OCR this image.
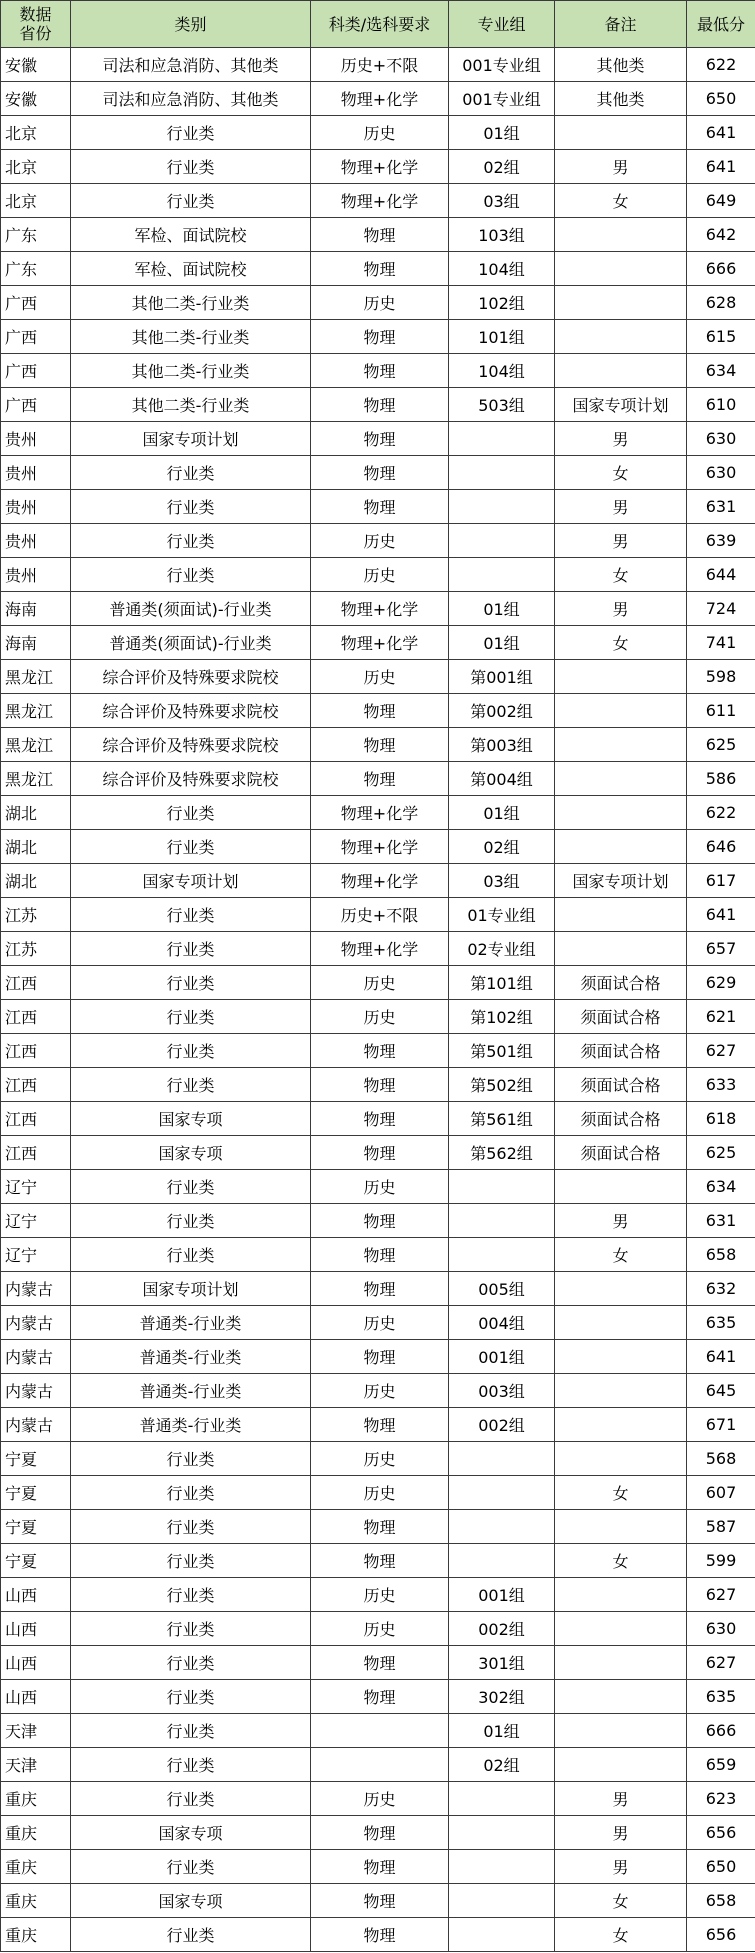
数据
省份	类别	科类/选科要求	专业组	备注	最低分
安徽	司法和应急消防、其他类	历史+不限	001专业组	其他类	622
安徽	司法和应急消防、其他类	物理+化学	001专业组	其他类	650
北京	行业类	历史	01组		641
北京	行业类	物理+化学	02组	男	641
北京	行业类	物理+化学	03组	女	649
广东	军检、面试院校	物理	103组		642
广东	军检、面试院校	物理	104组		666
广西	其他二类-行业类	历史	102组		628
广西	其他二类-行业类	物理	101组		615
广西	其他二类-行业类	物理	104组		634
广西	其他二类-行业类	物理	503组	国家专项计划	610
贵州	国家专项计划	物理		男	630
贵州	行业类	物理		女	630
贵州	行业类	物理		男	631
贵州	行业类	历史		男	639
贵州	行业类	历史		女	644
海南	普通类(须面试)-行业类	物理+化学	01组	男	724
海南	普通类(须面试)-行业类	物理+化学	01组	女	741
黑龙江	综合评价及特殊要求院校	历史	第001组		598
黑龙江	综合评价及特殊要求院校	物理	第002组		611
黑龙江	综合评价及特殊要求院校	物理	第003组		625
黑龙江	综合评价及特殊要求院校	物理	第004组		586
湖北	行业类	物理+化学	01组		622
湖北	行业类	物理+化学	02组		646
湖北	国家专项计划	物理+化学	03组	国家专项计划	617
江苏	行业类	历史+不限	01专业组		641
江苏	行业类	物理+化学	02专业组		657
江西	行业类	历史	第101组	须面试合格	629
江西	行业类	历史	第102组	须面试合格	621
江西	行业类	物理	第501组	须面试合格	627
江西	行业类	物理	第502组	须面试合格	633
江西	国家专项	物理	第561组	须面试合格	618
江西	国家专项	物理	第562组	须面试合格	625
辽宁	行业类	历史			634
辽宁	行业类	物理		男	631
辽宁	行业类	物理		女	658
内蒙古	国家专项计划	物理	005组		632
内蒙古	普通类-行业类	历史	004组		635
内蒙古	普通类-行业类	物理	001组		641
内蒙古	普通类-行业类	历史	003组		645
内蒙古	普通类-行业类	物理	002组		671
宁夏	行业类	历史			568
宁夏	行业类	历史		女	607
宁夏	行业类	物理			587
宁夏	行业类	物理		女	599
山西	行业类	历史	001组		627
山西	行业类	历史	002组		630
山西	行业类	物理	301组		627
山西	行业类	物理	302组		635
天津	行业类		01组		666
天津	行业类		02组		659
重庆	行业类	历史		男	623
重庆	国家专项	物理		男	656
重庆	行业类	物理		男	650
重庆	国家专项	物理		女	658
重庆	行业类	物理		女	656
